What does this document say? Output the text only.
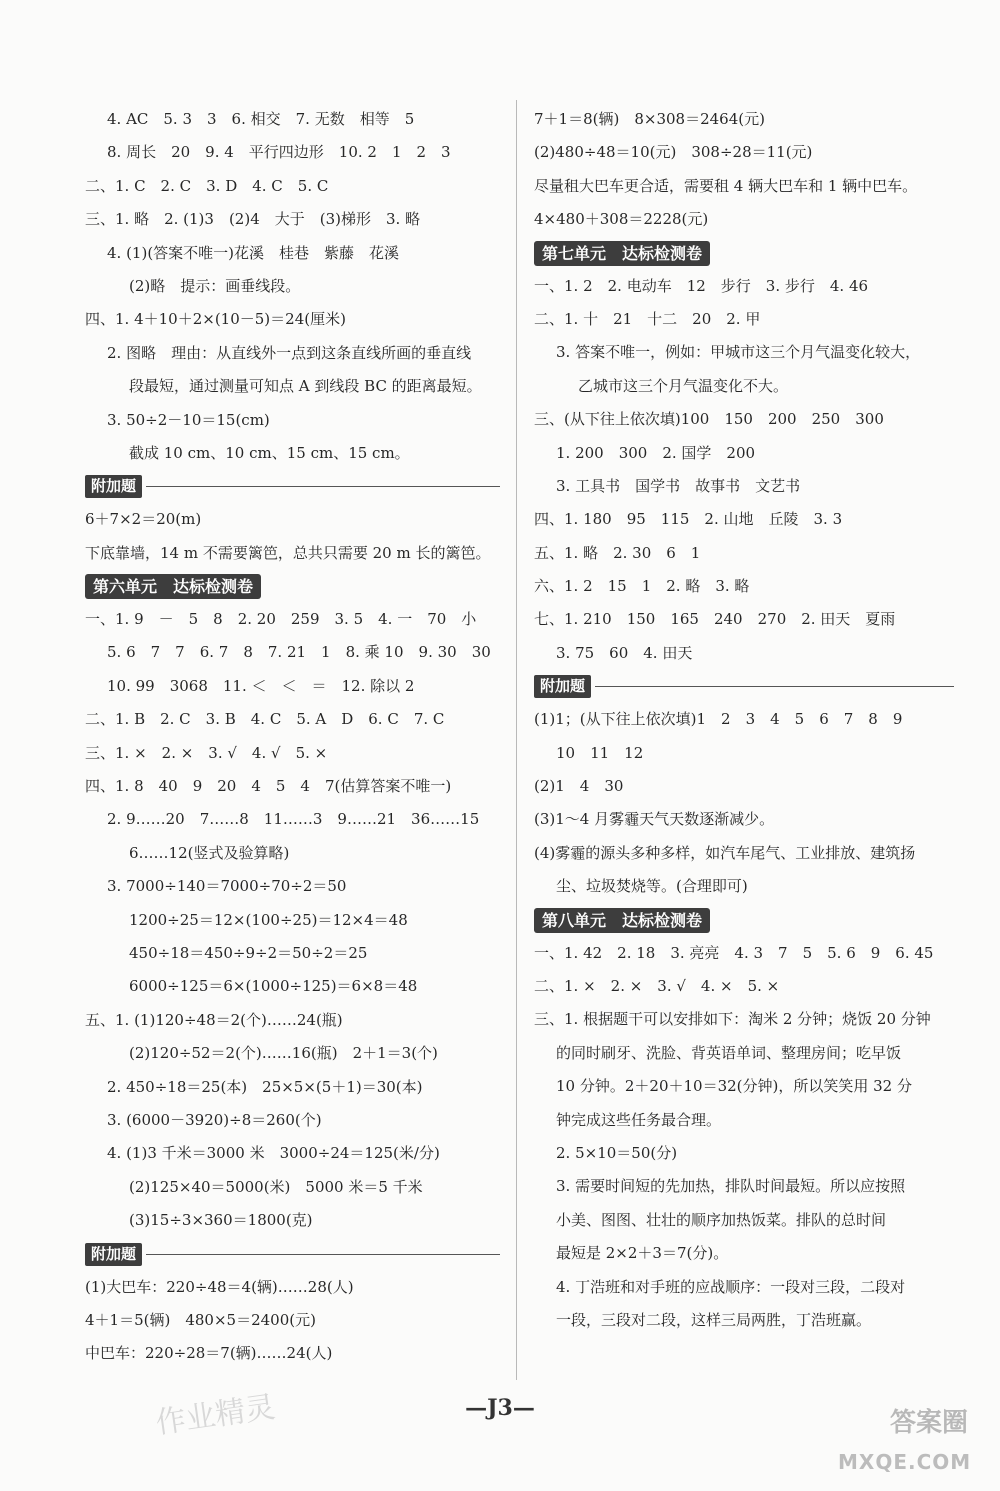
4. AC　5. 3　3　6. 相交　7. 无数　相等　5
8. 周长　20　9. 4　平行四边形　10. 2　1　2　3
二、1. C　2. C　3. D　4. C　5. C
三、1. 略　2. (1)3　(2)4　大于　(3)梯形　3. 略
4. (1)(答案不唯一)花溪　桂巷　紫藤　花溪
(2)略　提示：画垂线段。
四、1. 4＋10＋2×(10－5)＝24(厘米)
2. 图略　理由：从直线外一点到这条直线所画的垂直线
段最短，通过测量可知点 A 到线段 BC 的距离最短。
3. 50÷2－10＝15(cm)
截成 10 cm、10 cm、15 cm、15 cm。
附加题
6＋7×2＝20(m)
下底靠墙，14 m 不需要篱笆，总共只需要 20 m 长的篱笆。
第六单元　达标检测卷
一、1. 9　－　5　8　2. 20　259　3. 5　4. 一　70　小
5. 6　7　7　6. 7　8　7. 21　1　8. 乘 10　9. 30　30
10. 99　3068　11. ＜　＜　＝　12. 除以 2
二、1. B　2. C　3. B　4. C　5. A　D　6. C　7. C
三、1. ×　2. ×　3. √　4. √　5. ×
四、1. 8　40　9　20　4　5　4　7(估算答案不唯一)
2. 9……20　7……8　11……3　9……21　36……15
6……12(竖式及验算略)
3. 7000÷140＝7000÷70÷2＝50
1200÷25＝12×(100÷25)＝12×4＝48
450÷18＝450÷9÷2＝50÷2＝25
6000÷125＝6×(1000÷125)＝6×8＝48
五、1. (1)120÷48＝2(个)……24(瓶)
(2)120÷52＝2(个)……16(瓶)　2＋1＝3(个)
2. 450÷18＝25(本)　25×5×(5＋1)＝30(本)
3. (6000－3920)÷8＝260(个)
4. (1)3 千米＝3000 米　3000÷24＝125(米/分)
(2)125×40＝5000(米)　5000 米＝5 千米
(3)15÷3×360＝1800(克)
附加题
(1)大巴车：220÷48＝4(辆)……28(人)
4＋1＝5(辆)　480×5＝2400(元)
中巴车：220÷28＝7(辆)……24(人)
7＋1＝8(辆)　8×308＝2464(元)
(2)480÷48＝10(元)　308÷28＝11(元)
尽量租大巴车更合适，需要租 4 辆大巴车和 1 辆中巴车。
4×480＋308＝2228(元)
第七单元　达标检测卷
一、1. 2　2. 电动车　12　步行　3. 步行　4. 46
二、1. 十　21　十二　20　2. 甲
3. 答案不唯一，例如：甲城市这三个月气温变化较大，
乙城市这三个月气温变化不大。
三、(从下往上依次填)100　150　200　250　300
1. 200　300　2. 国学　200
3. 工具书　国学书　故事书　文艺书
四、1. 180　95　115　2. 山地　丘陵　3. 3
五、1. 略　2. 30　6　1
六、1. 2　15　1　2. 略　3. 略
七、1. 210　150　165　240　270　2. 田天　夏雨
3. 75　60　4. 田天
附加题
(1)1；(从下往上依次填)1　2　3　4　5　6　7　8　9
10　11　12
(2)1　4　30
(3)1～4 月雾霾天气天数逐渐减少。
(4)雾霾的源头多种多样，如汽车尾气、工业排放、建筑扬
尘、垃圾焚烧等。(合理即可)
第八单元　达标检测卷
一、1. 42　2. 18　3. 亮亮　4. 3　7　5　5. 6　9　6. 45
二、1. ×　2. ×　3. √　4. ×　5. ×
三、1. 根据题干可以安排如下：淘米 2 分钟；烧饭 20 分钟
的同时刷牙、洗脸、背英语单词、整理房间；吃早饭
10 分钟。2＋20＋10＝32(分钟)，所以笑笑用 32 分
钟完成这些任务最合理。
2. 5×10＝50(分)
3. 需要时间短的先加热，排队时间最短。所以应按照
小美、图图、壮壮的顺序加热饭菜。排队的总时间
最短是 2×2＋3＝7(分)。
4. 丁浩班和对手班的应战顺序：一段对三段，二段对
一段，三段对二段，这样三局两胜，丁浩班赢。
—J3—
作业精灵	答案圈
MXQE.COM
